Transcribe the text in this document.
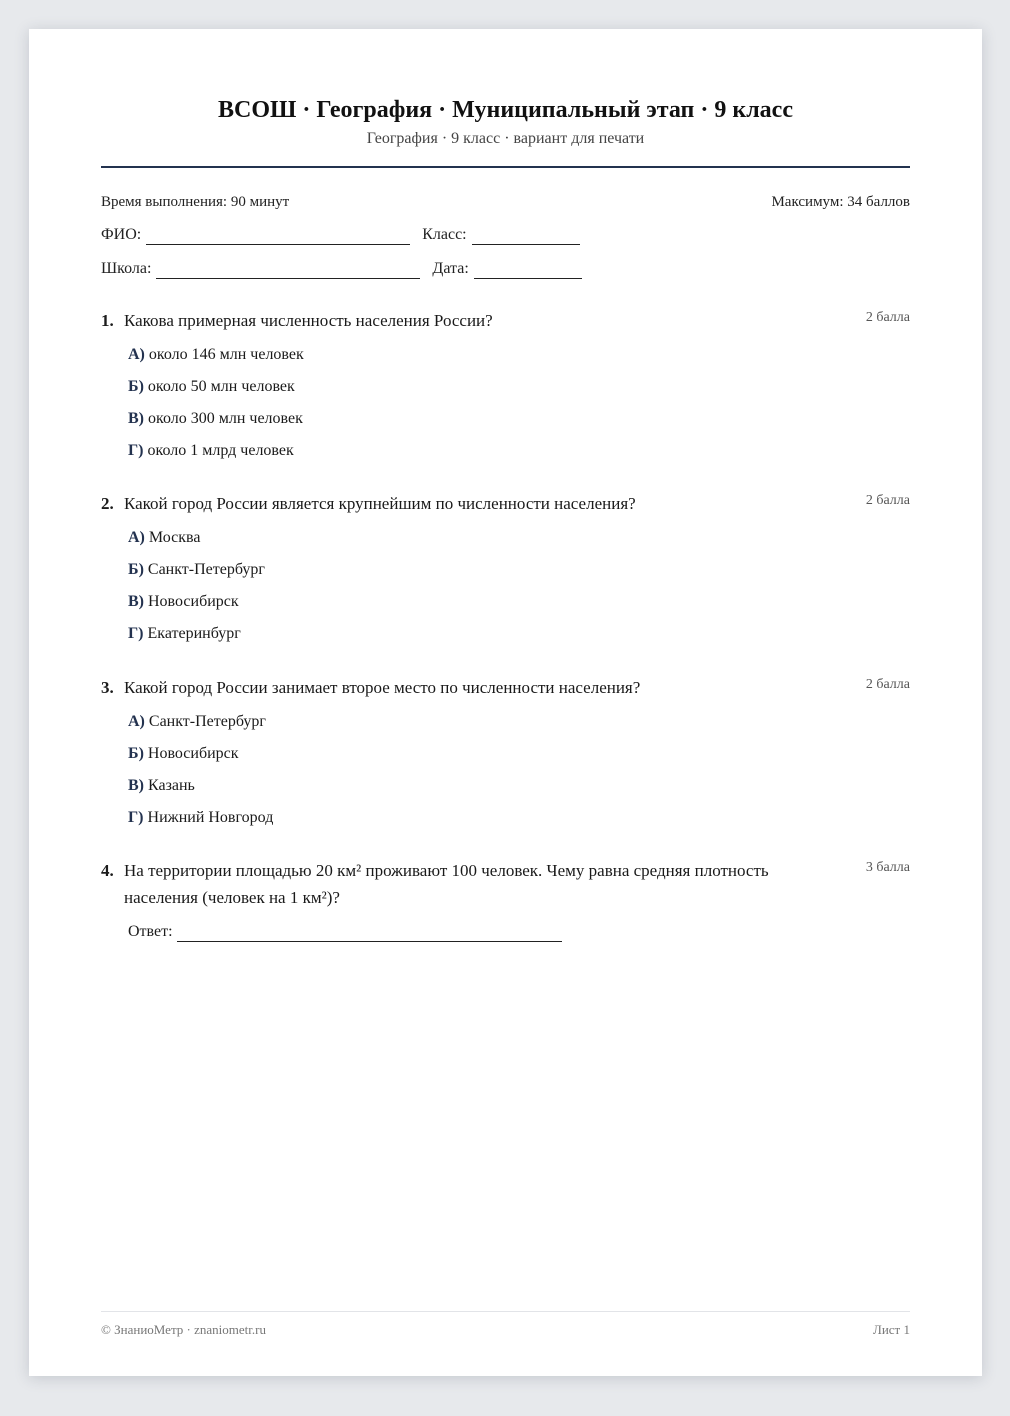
ВСОШ · География · Муниципальный этап · 9 класс
География · 9 класс · вариант для печати
Время выполнения: 90 минут	Максимум: 34 баллов
ФИО:	Класс:
Школа:	Дата:
1. Какова примерная численность населения России?	2 балла
А) около 146 млн человек
Б) около 50 млн человек
В) около 300 млн человек
Г) около 1 млрд человек
2. Какой город России является крупнейшим по численности населения?	2 балла
А) Москва
Б) Санкт-Петербург
В) Новосибирск
Г) Екатеринбург
3. Какой город России занимает второе место по численности населения?	2 балла
А) Санкт-Петербург
Б) Новосибирск
В) Казань
Г) Нижний Новгород
4. На территории площадью 20 км² проживают 100 человек. Чему равна средняя плотность населения (человек на 1 км²)?
3 балла
Ответ:
© ЗнаниоМетр · znaniometr.ru	Лист 1
